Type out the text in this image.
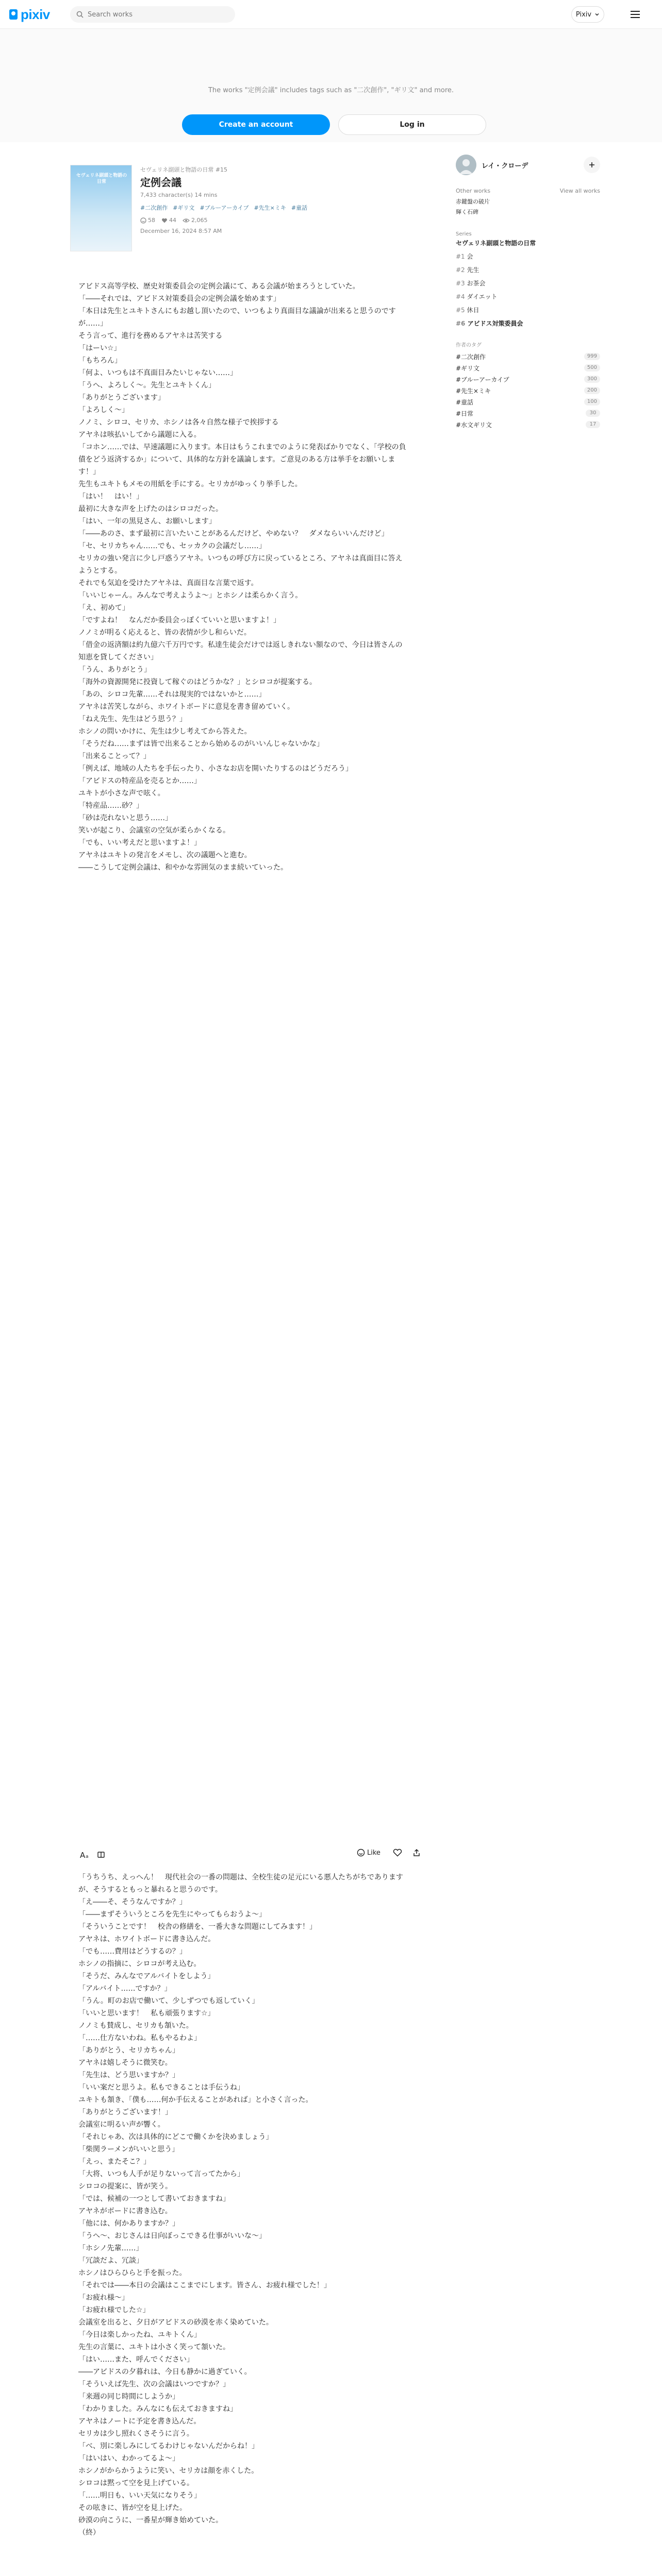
pixiv
Search works	Pixiv
The works "定例会議" includes tags such as "二次創作", "ギリ文" and more.
Create an account	Log in
セヴェリネ副頭と物語の日常
セヴェリネ副頭と物語の日常 #15
定例会議
7,433 character(s) 14 mins
#二次創作 #ギリ文 #ブルーアーカイブ #先生×ミキ #童話
58 44	2,065
December 16, 2024 8:57 AM

アビドス高等学校、歴史対策委員会の定例会議にて、ある会議が始まろうとしていた。

「――それでは、アビドス対策委員会の定例会議を始めます」

「本日は先生とユキトさんにもお越し頂いたので、いつもより真面目な議論が出来ると思うのですが……」

そう言って、進行を務めるアヤネは苦笑する

「はーい☆」

「もちろん」

「何よ、いつもは不真面目みたいじゃない……」

「うへ、よろしく～。先生とユキトくん」

「ありがとうございます」

「よろしく～」

ノノミ、シロコ、セリカ、ホシノは各々自然な様子で挨拶する

アヤネは咳払いしてから議題に入る。

「コホン……では、早速議題に入ります。本日はもうこれまでのように発表ばかりでなく、「学校の負債をどう返済するか」について、具体的な方針を議論します。ご意見のある方は挙手をお願いします！」

先生もユキトもメモの用紙を手にする。セリカがゆっくり挙手した。

「はい！　はい！」

最初に大きな声を上げたのはシロコだった。

「はい、一年の黒見さん、お願いします」

「――あのさ、まず最初に言いたいことがあるんだけど、やめない？　ダメならいいんだけど」

「セ、セリカちゃん……でも、セッカクの会議だし……」

セリカの強い発言に少し戸惑うアヤネ。いつもの呼び方に戻っているところ、アヤネは真面目に答えようとする。

それでも気迫を受けたアヤネは、真面目な言葉で返す。

「いいじゃーん。みんなで考えようよ～」とホシノは柔らかく言う。

「え、初めて」

「ですよね！　なんだか委員会っぽくていいと思いますよ！」

ノノミが明るく応えると、皆の表情が少し和らいだ。

「借金の返済額は約九億六千万円です。私達生徒会だけでは返しきれない額なので、今日は皆さんの知恵を貸してください」

「うん、ありがとう」

「海外の資源開発に投資して稼ぐのはどうかな？」とシロコが提案する。

「あの、シロコ先輩……それは現実的ではないかと……」

アヤネは苦笑しながら、ホワイトボードに意見を書き留めていく。

「ねえ先生、先生はどう思う？」

ホシノの問いかけに、先生は少し考えてから答えた。

「そうだね……まずは皆で出来ることから始めるのがいいんじゃないかな」

「出来ることって？」

「例えば、地域の人たちを手伝ったり、小さなお店を開いたりするのはどうだろう」

「アビドスの特産品を売るとか……」

ユキトが小さな声で呟く。

「特産品……砂？」

「砂は売れないと思う……」

笑いが起こり、会議室の空気が柔らかくなる。

「でも、いい考えだと思いますよ！」

アヤネはユキトの発言をメモし、次の議題へと進む。

――こうして定例会議は、和やかな雰囲気のまま続いていった。

A a
Like

「うちうち、えっへん！　現代社会の一番の問題は、全校生徒の足元にいる悪人たちがちでありますが、そうするともっと暴れると思うのです。

「え――そ、そうなんですか？」

「――まずそういうところを先生にやってもらおうよ～」

「そういうことです！　校舎の修繕を、一番大きな問題にしてみます！」

アヤネは、ホワイトボードに書き込んだ。

「でも……費用はどうするの？」

ホシノの指摘に、シロコが考え込む。

「そうだ、みんなでアルバイトをしよう」

「アルバイト……ですか？」

「うん。町のお店で働いて、少しずつでも返していく」

「いいと思います！　私も頑張ります☆」

ノノミも賛成し、セリカも頷いた。

「……仕方ないわね。私もやるわよ」

「ありがとう、セリカちゃん」

アヤネは嬉しそうに微笑む。

「先生は、どう思いますか？」

「いい案だと思うよ。私もできることは手伝うね」

ユキトも頷き、「僕も……何か手伝えることがあれば」と小さく言った。

「ありがとうございます！」

会議室に明るい声が響く。

「それじゃあ、次は具体的にどこで働くかを決めましょう」

「柴関ラーメンがいいと思う」

「えっ、またそこ？」

「大将、いつも人手が足りないって言ってたから」

シロコの提案に、皆が笑う。

「では、候補の一つとして書いておきますね」

アヤネがボードに書き込む。

「他には、何かありますか？」

「うへ～、おじさんは日向ぼっこできる仕事がいいな～」

「ホシノ先輩……」

「冗談だよ、冗談」

ホシノはひらひらと手を振った。

「それでは――本日の会議はここまでにします。皆さん、お疲れ様でした！」

「お疲れ様～」

「お疲れ様でした☆」

会議室を出ると、夕日がアビドスの砂漠を赤く染めていた。

「今日は楽しかったね、ユキトくん」

先生の言葉に、ユキトは小さく笑って頷いた。

「はい……また、呼んでください」

――アビドスの夕暮れは、今日も静かに過ぎていく。

「そういえば先生、次の会議はいつですか？」

「来週の同じ時間にしようか」

「わかりました。みんなにも伝えておきますね」

アヤネはノートに予定を書き込んだ。

セリカは少し照れくさそうに言う。

「べ、別に楽しみにしてるわけじゃないんだからね！」

「はいはい、わかってるよ～」

ホシノがからかうように笑い、セリカは顔を赤くした。

シロコは黙って空を見上げている。

「……明日も、いい天気になりそう」

その呟きに、皆が空を見上げた。

砂漠の向こうに、一番星が輝き始めていた。

（終）

レイ・クローデ
Other works	View all works
赤鍵盤の破片
輝く石碑
Series
セヴェリネ副頭と物語の日常
#1 会
#2 先生
#3 お茶会
#4 ダイエット
#5 休日
#6 アビドス対策委員会
作者のタグ
#二次創作	999
#ギリ文	500
#ブルーアーカイブ	300
#先生×ミキ	200
#童話	100
#日常	30
#水文ギリ文	17
